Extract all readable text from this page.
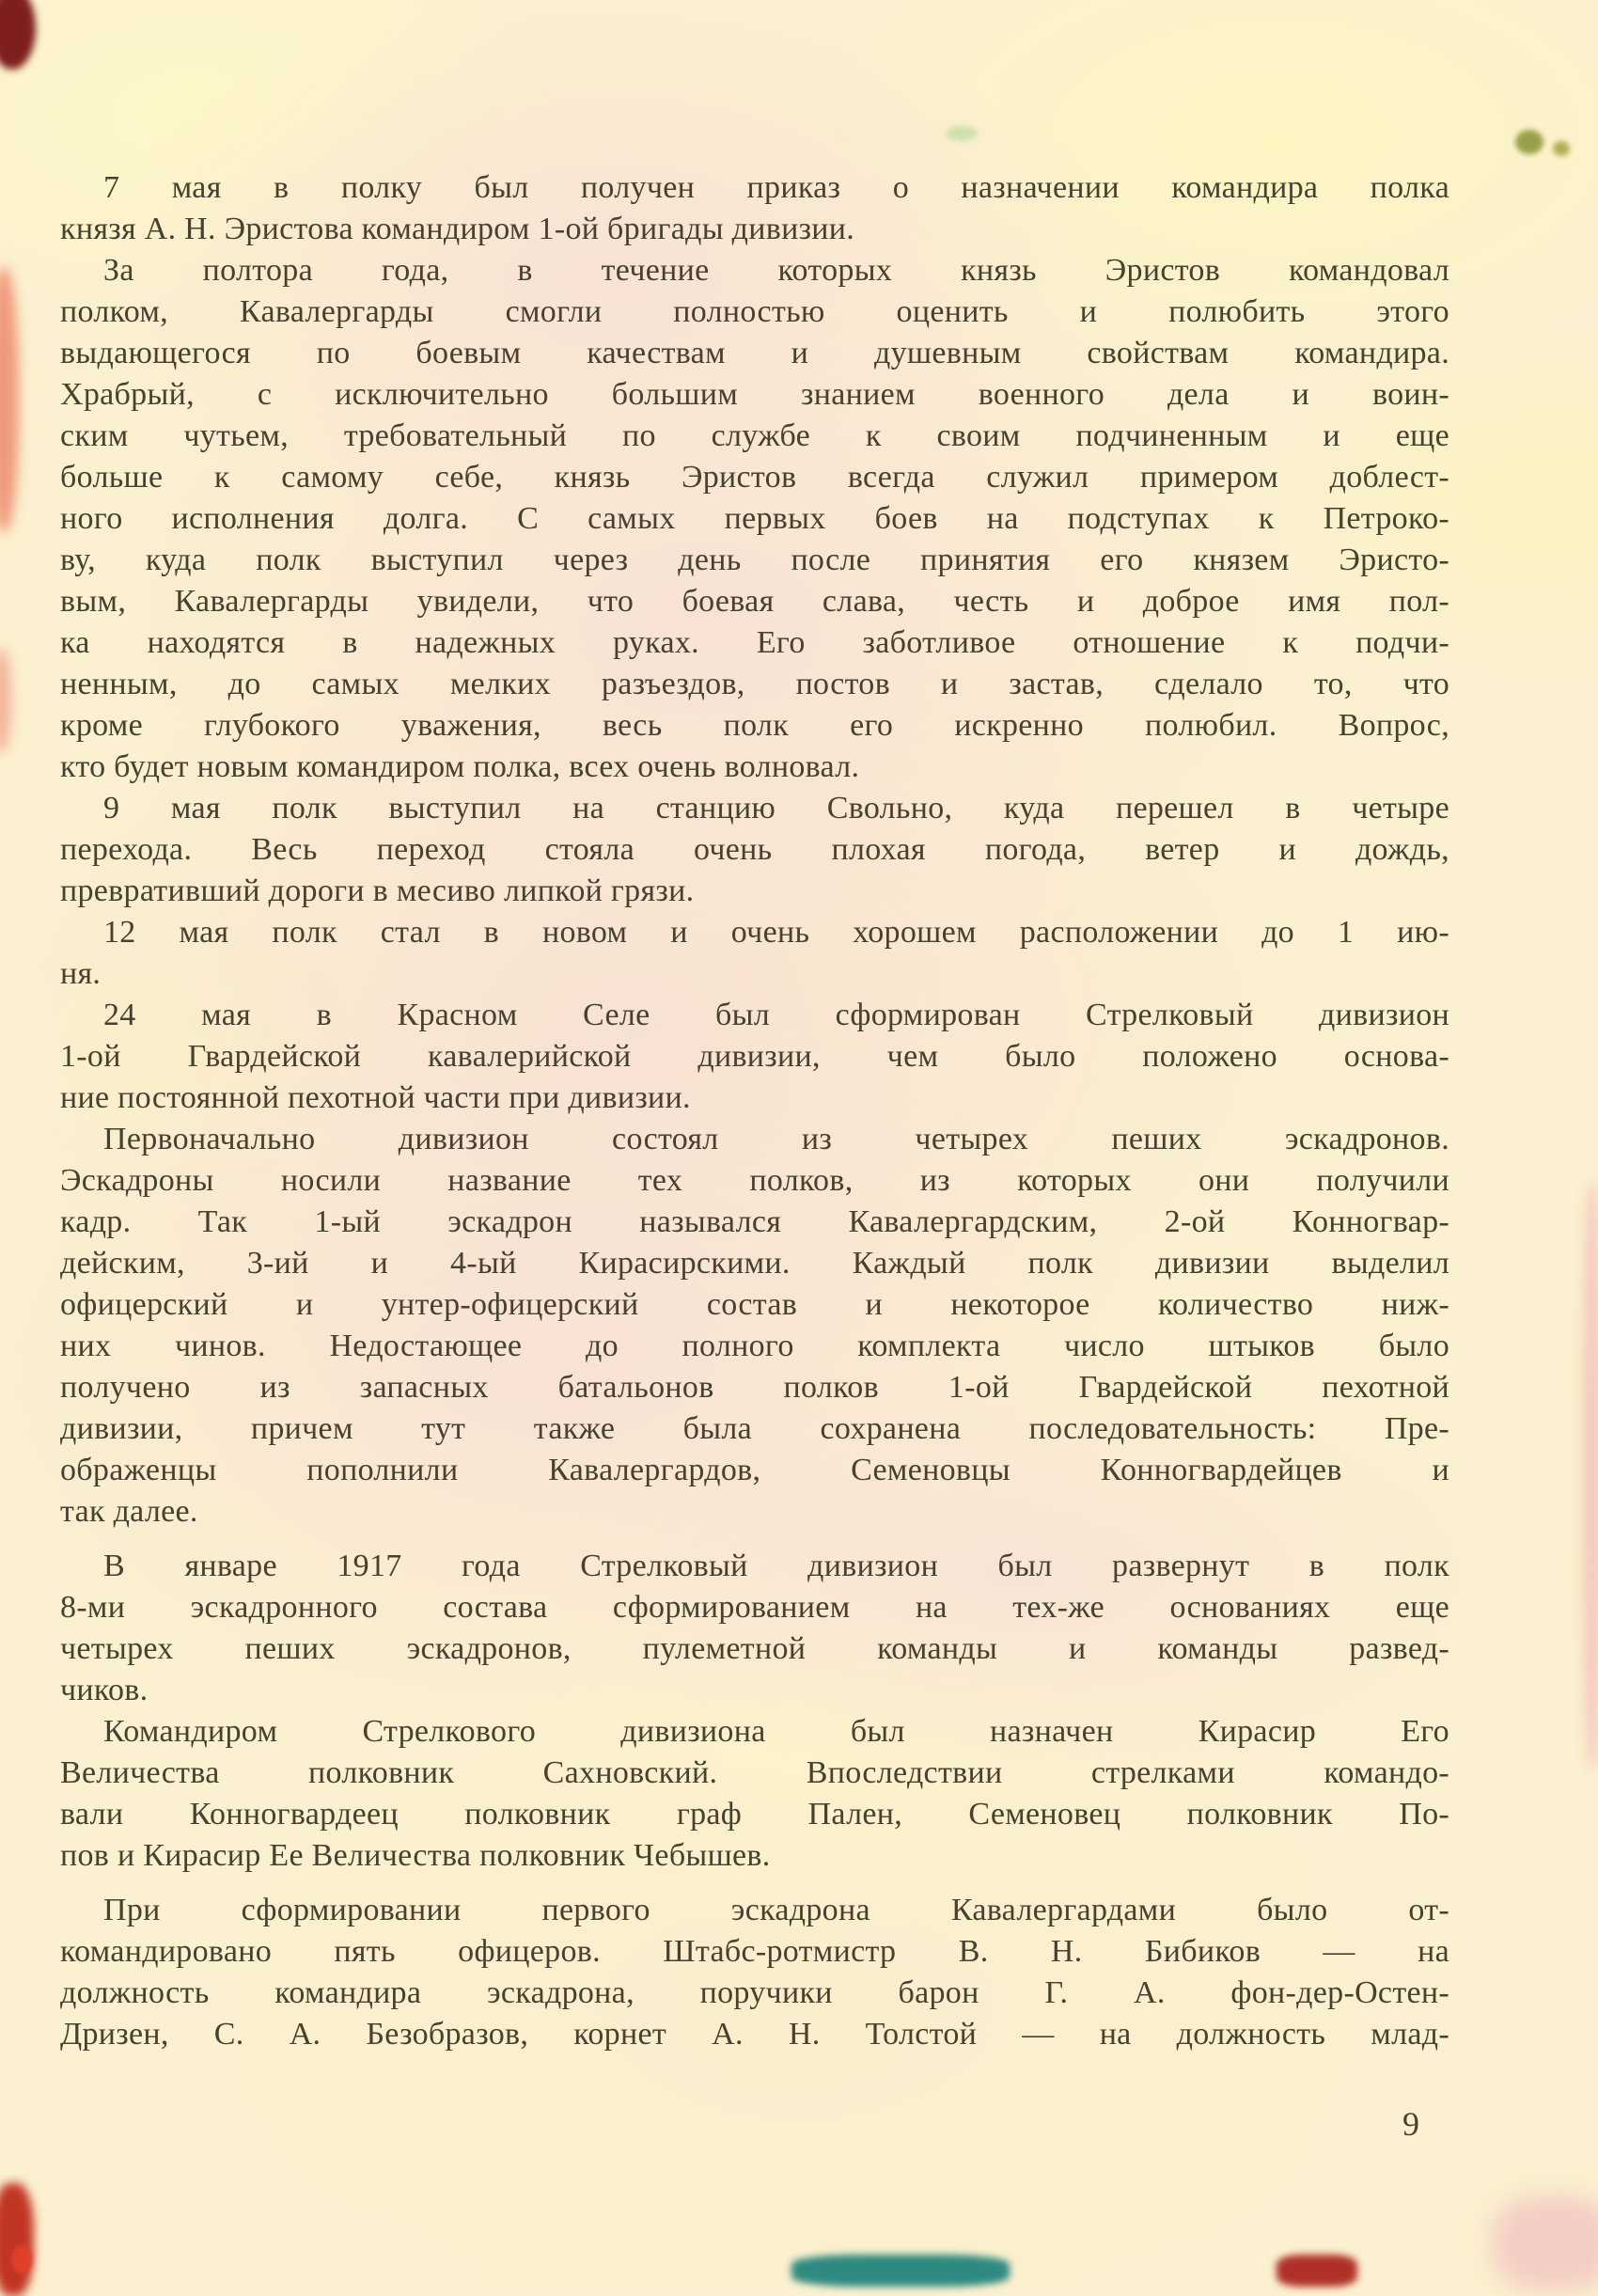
7 мая в полку был получен приказ о назначении командира полка
князя А. Н. Эристова командиром 1-ой бригады дивизии.
За полтора года, в течение которых князь Эристов командовал
полком, Кавалергарды смогли полностью оценить и полюбить этого
выдающегося по боевым качествам и душевным свойствам командира.
Храбрый, с исключительно большим знанием военного дела и воин-
ским чутьем, требовательный по службе к своим подчиненным и еще
больше к самому себе, князь Эристов всегда служил примером доблест-
ного исполнения долга. С самых первых боев на подступах к Петроко-
ву, куда полк выступил через день после принятия его князем Эристо-
вым, Кавалергарды увидели, что боевая слава, честь и доброе имя пол-
ка находятся в надежных руках. Его заботливое отношение к подчи-
ненным, до самых мелких разъездов, постов и застав, сделало то, что
кроме глубокого уважения, весь полк его искренно полюбил. Вопрос,
кто будет новым командиром полка, всех очень волновал.
9 мая полк выступил на станцию Свольно, куда перешел в четыре
перехода. Весь переход стояла очень плохая погода, ветер и дождь,
превративший дороги в месиво липкой грязи.
12 мая полк стал в новом и очень хорошем расположении до 1 ию-
ня.
24 мая в Красном Селе был сформирован Стрелковый дивизион
1-ой Гвардейской кавалерийской дивизии, чем было положено основа-
ние постоянной пехотной части при дивизии.
Первоначально дивизион состоял из четырех пеших эскадронов.
Эскадроны носили название тех полков, из которых они получили
кадр. Так 1-ый эскадрон назывался Кавалергардским, 2-ой Конногвар-
дейским, 3-ий и 4-ый Кирасирскими. Каждый полк дивизии выделил
офицерский и унтер-офицерский состав и некоторое количество ниж-
них чинов. Недостающее до полного комплекта число штыков было
получено из запасных батальонов полков 1-ой Гвардейской пехотной
дивизии, причем тут также была сохранена последовательность: Пре-
ображенцы пополнили Кавалергардов, Семеновцы Конногвардейцев и
так далее.
В январе 1917 года Стрелковый дивизион был развернут в полк
8-ми эскадронного состава сформированием на тех-же основаниях еще
четырех пеших эскадронов, пулеметной команды и команды развед-
чиков.
Командиром Стрелкового дивизиона был назначен Кирасир Его
Величества полковник Сахновский. Впоследствии стрелками командо-
вали Конногвардеец полковник граф Пален, Семеновец полковник По-
пов и Кирасир Ее Величества полковник Чебышев.
При сформировании первого эскадрона Кавалергардами было от-
командировано пять офицеров. Штабс-ротмистр В. Н. Бибиков — на
должность командира эскадрона, поручики барон Г. А. фон-дер-Остен-
Дризен, С. А. Безобразов, корнет А. Н. Толстой — на должность млад-
9
